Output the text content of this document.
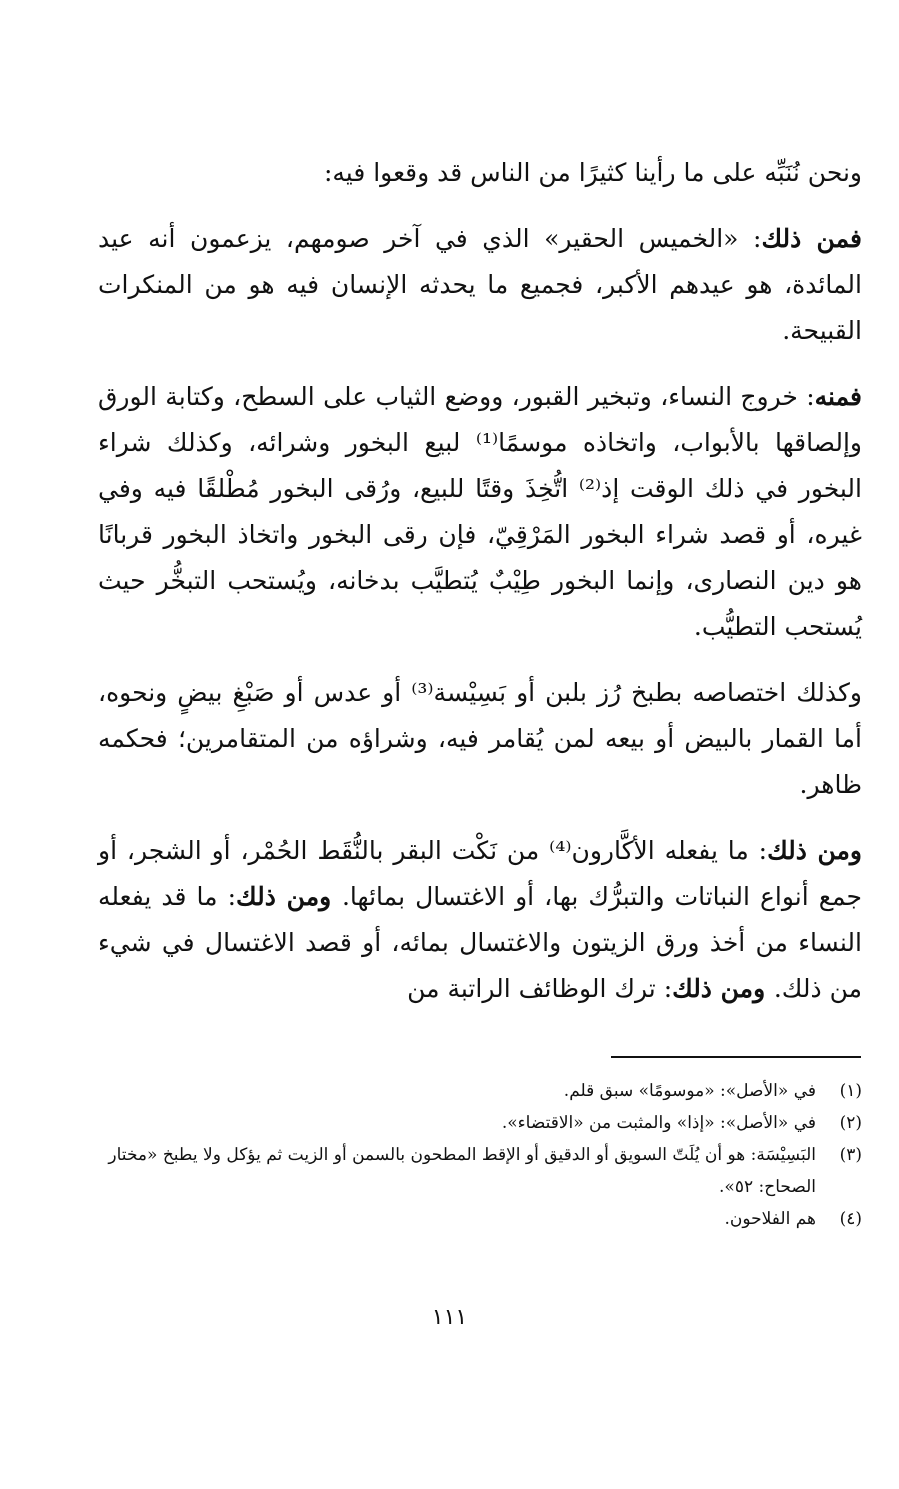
ونحن نُنَبِّه على ما رأينا كثيرًا من الناس قد وقعوا فيه:

فمن ذلك: «الخميس الحقير» الذي في آخر صومهم، يزعمون أنه عيد المائدة، هو عيدهم الأكبر، فجميع ما يحدثه الإنسان فيه هو من المنكرات القبيحة.

فمنه: خروج النساء، وتبخير القبور، ووضع الثياب على السطح، وكتابة الورق وإلصاقها بالأبواب، واتخاذه موسمًا⁽¹⁾ لبيع البخور وشرائه، وكذلك شراء البخور في ذلك الوقت إذ⁽²⁾ اتُّخِذَ وقتًا للبيع، ورُقى البخور مُطْلقًا فيه وفي غيره، أو قصد شراء البخور المَرْقِيّ، فإن رقى البخور واتخاذ البخور قربانًا هو دين النصارى، وإنما البخور طِيْبٌ يُتطيَّب بدخانه، ويُستحب التبخُّر حيث يُستحب التطيُّب.

وكذلك اختصاصه بطبخ رُز بلبن أو بَسِيْسة⁽³⁾ أو عدس أو صَبْغِ بيضٍ ونحوه، أما القمار بالبيض أو بيعه لمن يُقامر فيه، وشراؤه من المتقامرين؛ فحكمه ظاهر.

ومن ذلك: ما يفعله الأكَّارون⁽⁴⁾ من نَكْت البقر بالنُّقَط الحُمْر، أو الشجر، أو جمع أنواع النباتات والتبرُّك بها، أو الاغتسال بمائها. ومن ذلك: ما قد يفعله النساء من أخذ ورق الزيتون والاغتسال بمائه، أو قصد الاغتسال في شيء من ذلك. ومن ذلك: ترك الوظائف الراتبة من

(١)
في «الأصل»: «موسومًا» سبق قلم.
(٢)
في «الأصل»: «إذا» والمثبت من «الاقتضاء».
(٣)
البَسِيْسَة: هو أن يُلَتّ السويق أو الدقيق أو الإقط المطحون بالسمن أو الزيت ثم يؤكل ولا يطبخ «مختار الصحاح: ٥٢».
(٤)
هم الفلاحون.
١١١
